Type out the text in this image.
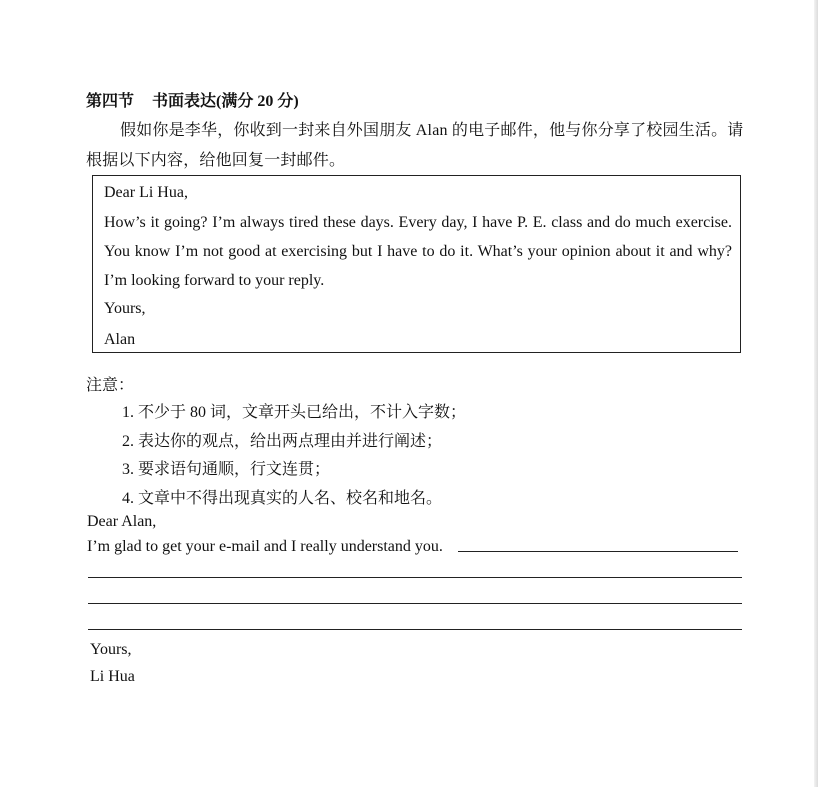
第四节 书面表达(满分 20 分)
假如你是李华，你收到一封来自外国朋友 Alan 的电子邮件，他与你分享了校园生活。请根据以下内容，给他回复一封邮件。
Dear Li Hua,
How’s it going? I’m always tired these days. Every day, I have P. E. class and do much exercise. You know I’m not good at exercising but I have to do it. What’s your opinion about it and why? I’m looking forward to your reply.
Yours,
Alan
注意：
1. 不少于 80 词，文章开头已给出，不计入字数；
2. 表达你的观点，给出两点理由并进行阐述；
3. 要求语句通顺，行文连贯；
4. 文章中不得出现真实的人名、校名和地名。
Dear Alan,
I’m glad to get your e-mail and I really understand you.
Yours,
Li Hua
